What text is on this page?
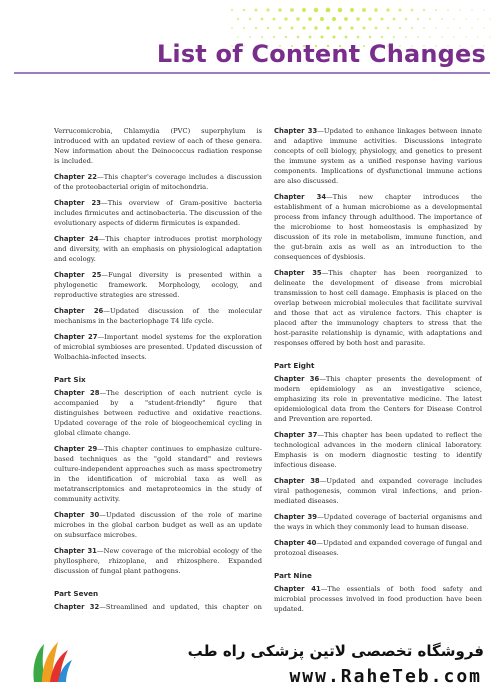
List of Content Changes

Verrucomicrobia, Chlamydia (PVC) superphylum is introduced with an updated review of each of these genera. New information about the Deinococcus radiation response is included.

Chapter 22—This chapter's coverage includes a discussion of the proteobacterial origin of mitochondria.

Chapter 23—This overview of Gram-positive bacteria includes firmicutes and actinobacteria. The discussion of the evolutionary aspects of diderm firmicutes is expanded.

Chapter 24—This chapter introduces protist morphology and diversity, with an emphasis on physiological adaptation and ecology.

Chapter 25—Fungal diversity is presented within a phylogenetic framework. Morphology, ecology, and reproductive strategies are stressed.

Chapter 26—Updated discussion of the molecular mechanisms in the bacteriophage T4 life cycle.

Chapter 27—Important model systems for the exploration of microbial symbioses are presented. Updated discussion of Wolbachia-infected insects.

Part Six

Chapter 28—The description of each nutrient cycle is accompanied by a "student-friendly" figure that distinguishes between reductive and oxidative reactions. Updated coverage of the role of biogeochemical cycling in global climate change.

Chapter 29—This chapter continues to emphasize culture-based techniques as the "gold standard" and reviews culture-independent approaches such as mass spectrometry in the identification of microbial taxa as well as metatranscriptomics and metaproteomics in the study of community activity.

Chapter 30—Updated discussion of the role of marine microbes in the global carbon budget as well as an update on subsurface microbes.

Chapter 31—New coverage of the microbial ecology of the phyllosphere, rhizoplane, and rhizosphere. Expanded discussion of fungal plant pathogens.

Part Seven

Chapter 32—Streamlined and updated, this chapter on

Chapter 33—Updated to enhance linkages between innate and adaptive immune activities. Discussions integrate concepts of cell biology, physiology, and genetics to present the immune system as a unified response having various components. Implications of dysfunctional immune actions are also discussed.

Chapter 34—This new chapter introduces the establishment of a human microbiome as a developmental process from infancy through adulthood. The importance of the microbiome to host homeostasis is emphasized by discussion of its role in metabolism, immune function, and the gut-brain axis as well as an introduction to the consequences of dysbiosis.

Chapter 35—This chapter has been reorganized to delineate the development of disease from microbial transmission to host cell damage. Emphasis is placed on the overlap between microbial molecules that facilitate survival and those that act as virulence factors. This chapter is placed after the immunology chapters to stress that the host-parasite relationship is dynamic, with adaptations and responses offered by both host and parasite.

Part Eight

Chapter 36—This chapter presents the development of modern epidemiology as an investigative science, emphasizing its role in preventative medicine. The latest epidemiological data from the Centers for Disease Control and Prevention are reported.

Chapter 37—This chapter has been updated to reflect the technological advances in the modern clinical laboratory. Emphasis is on modern diagnostic testing to identify infectious disease.

Chapter 38—Updated and expanded coverage includes viral pathogenesis, common viral infections, and prion-mediated diseases.

Chapter 39—Updated coverage of bacterial organisms and the ways in which they commonly lead to human disease.

Chapter 40—Updated and expanded coverage of fungal and protozoal diseases.

Part Nine

Chapter 41—The essentials of both food safety and microbial processes involved in food production have been updated.

فروشگاه تخصصی لاتین پزشکی راه طب
www.RaheTeb.com
